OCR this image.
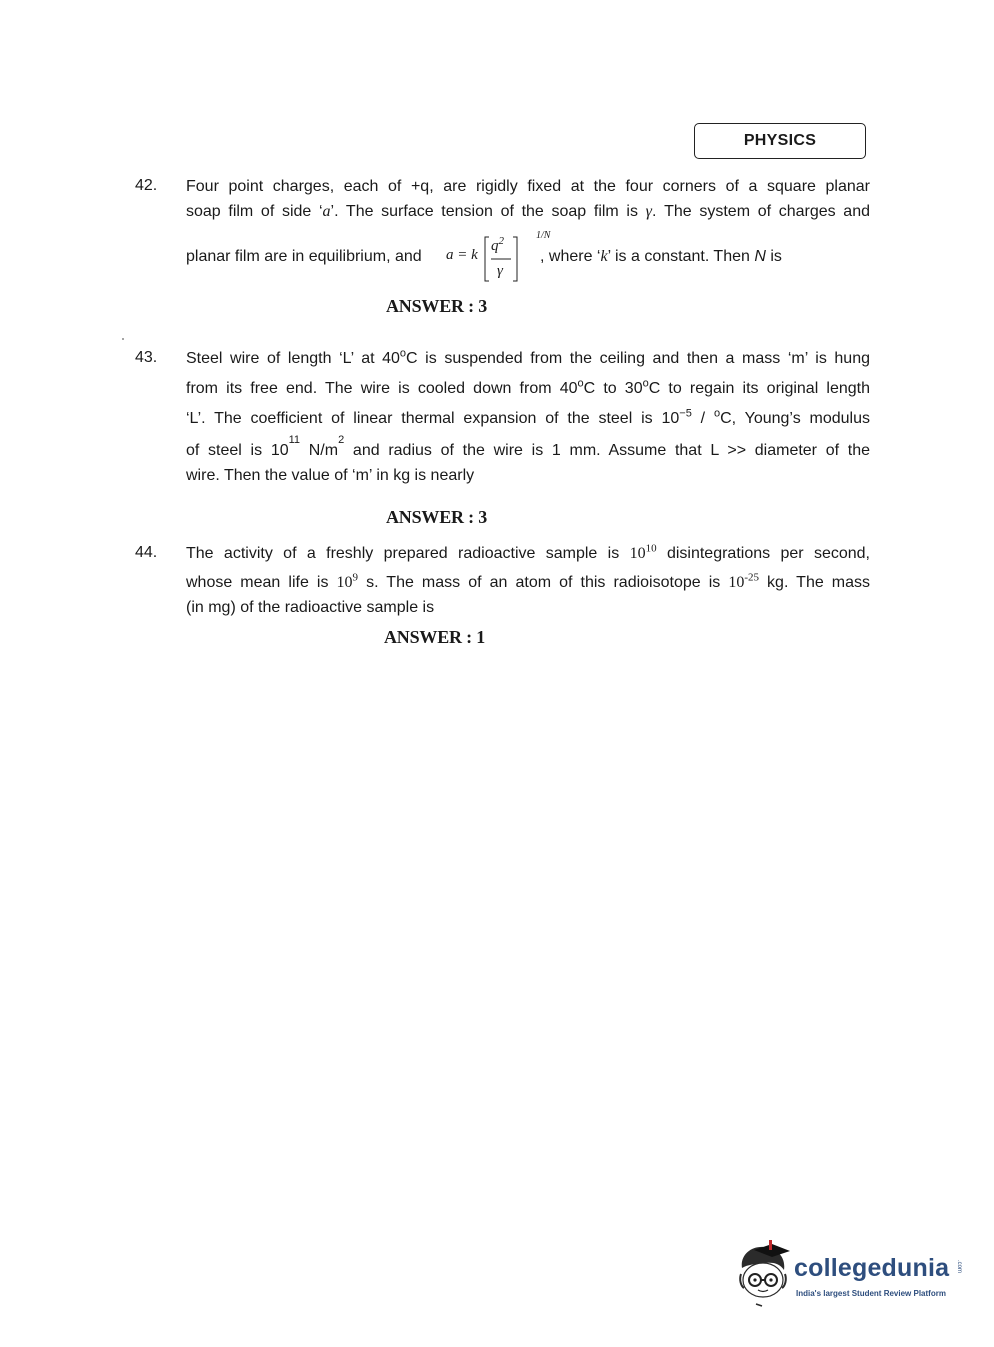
PHYSICS
42. Four point charges, each of +q, are rigidly fixed at the four corners of a square planar
soap film of side ‘a’. The surface tension of the soap film is γ. The system of charges and
planar film are in equilibrium, and	a = k
$q^2$
γ
1/N
, where ‘k’ is a constant. Then N is
ANSWER : 3
43. Steel wire of length ‘L’ at 40$^o$C is suspended from the ceiling and then a mass ‘m’ is hung
from its free end. The wire is cooled down from 40$^o$C to 30$^o$C to regain its original length
‘L’. The coefficient of linear thermal expansion of the steel is $10^{-5} / ^oC$, Young’s modulus
of steel is $10^{11}$ $N/m^2$ and radius of the wire is 1 mm. Assume that L >> diameter of the
wire. Then the value of ‘m’ in kg is nearly
ANSWER : 3
44. The activity of a freshly prepared radioactive sample is $10^{10}$ disintegrations per second,
whose mean life is $10^9$ s. The mass of an atom of this radioisotope is $10^{-25}$ kg. The mass
(in mg) of the radioactive sample is
ANSWER : 1
collegedunia .com
India's largest Student Review Platform
